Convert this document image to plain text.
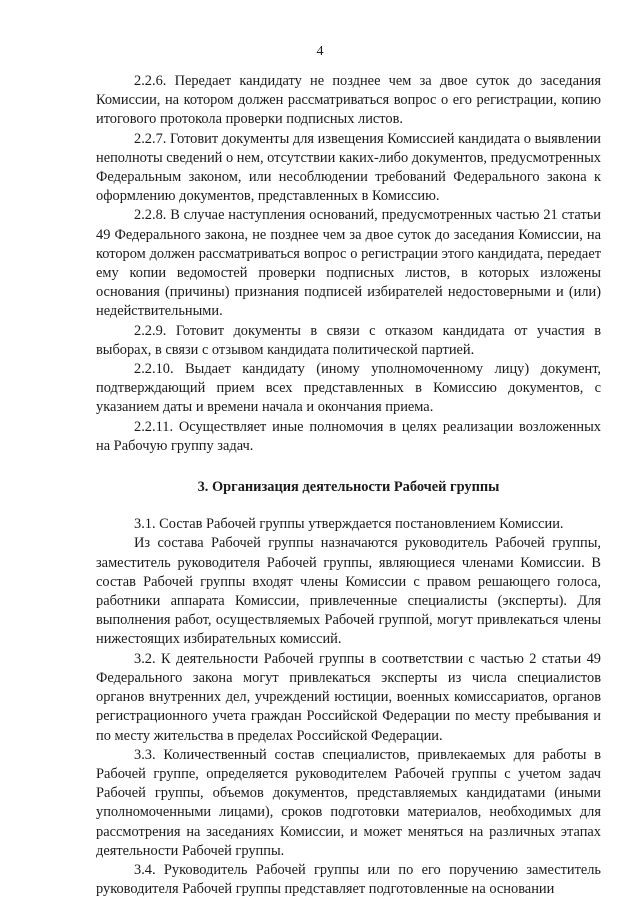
4

2.2.6. Передает кандидату не позднее чем за двое суток до заседания Комиссии, на котором должен рассматриваться вопрос о его регистрации, копию итогового протокола проверки подписных листов.

2.2.7. Готовит документы для извещения Комиссией кандидата о выявлении неполноты сведений о нем, отсутствии каких-либо документов, предусмотренных Федеральным законом, или несоблюдении требований Федерального закона к оформлению документов, представленных в Комиссию.

2.2.8. В случае наступления оснований, предусмотренных частью 21 статьи 49 Федерального закона, не позднее чем за двое суток до заседания Комиссии, на котором должен рассматриваться вопрос о регистрации этого кандидата, передает ему копии ведомостей проверки подписных листов, в которых изложены основания (причины) признания подписей избирателей недостоверными и (или) недействительными.

2.2.9. Готовит документы в связи с отказом кандидата от участия в выборах, в связи с отзывом кандидата политической партией.

2.2.10. Выдает кандидату (иному уполномоченному лицу) документ, подтверждающий прием всех представленных в Комиссию документов, с указанием даты и времени начала и окончания приема.

2.2.11. Осуществляет иные полномочия в целях реализации возложенных на Рабочую группу задач.

3. Организация деятельности Рабочей группы

3.1. Состав Рабочей группы утверждается постановлением Комиссии.

Из состава Рабочей группы назначаются руководитель Рабочей группы, заместитель руководителя Рабочей группы, являющиеся членами Комиссии. В состав Рабочей группы входят члены Комиссии с правом решающего голоса, работники аппарата Комиссии, привлеченные специалисты (эксперты). Для выполнения работ, осуществляемых Рабочей группой, могут привлекаться члены нижестоящих избирательных комиссий.

3.2. К деятельности Рабочей группы в соответствии с частью 2 статьи 49 Федерального закона могут привлекаться эксперты из числа специалистов органов внутренних дел, учреждений юстиции, военных комиссариатов, органов регистрационного учета граждан Российской Федерации по месту пребывания и по месту жительства в пределах Российской Федерации.

3.3. Количественный состав специалистов, привлекаемых для работы в Рабочей группе, определяется руководителем Рабочей группы с учетом задач Рабочей группы, объемов документов, представляемых кандидатами (иными уполномоченными лицами), сроков подготовки материалов, необходимых для рассмотрения на заседаниях Комиссии, и может меняться на различных этапах деятельности Рабочей группы.

3.4. Руководитель Рабочей группы или по его поручению заместитель руководителя Рабочей группы представляет подготовленные на основании
